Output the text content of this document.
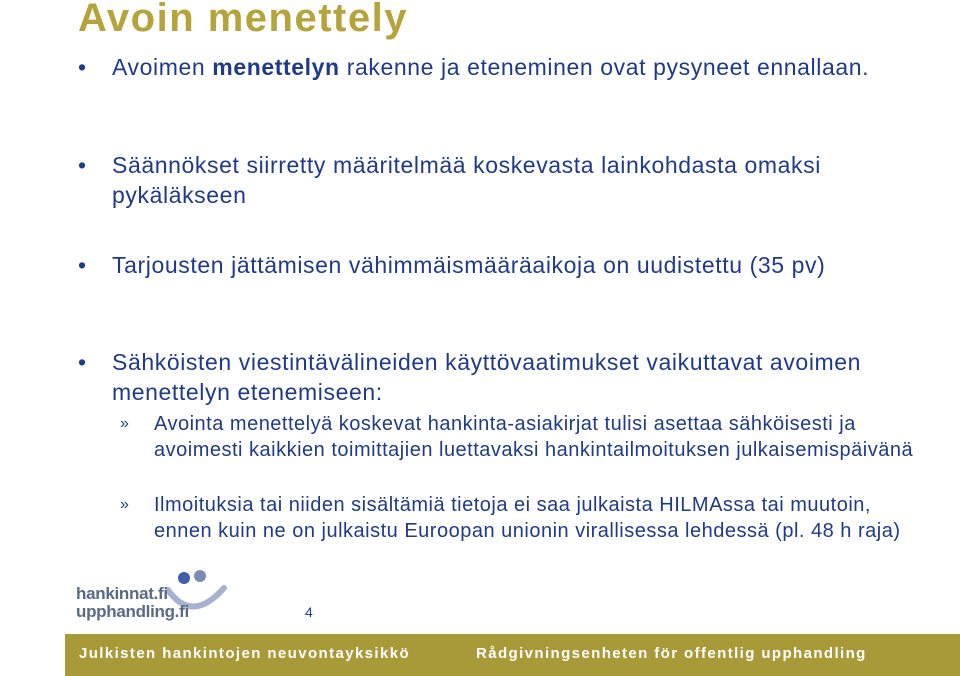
Avoin menettely
•	Avoimen menettelyn rakenne ja eteneminen ovat pysyneet ennallaan.
•	Säännökset siirretty määritelmää koskevasta lainkohdasta omaksi pykäläkseen
•	Tarjousten jättämisen vähimmäismääräaikoja on uudistettu (35 pv)
•	Sähköisten viestintävälineiden käyttövaatimukset vaikuttavat avoimen menettelyn etenemiseen:
» Avointa menettelyä koskevat hankinta-asiakirjat tulisi asettaa sähköisesti ja avoimesti kaikkien toimittajien luettavaksi hankintailmoituksen julkaisemispäivänä
» Ilmoituksia tai niiden sisältämiä tietoja ei saa julkaista HILMAssa tai muutoin, ennen kuin ne on julkaistu Euroopan unionin virallisessa lehdessä (pl. 48 h raja)
hankinnat.fi
upphandling.fi	4
Julkisten hankintojen neuvontayksikkö	Rådgivningsenheten för offentlig upphandling
